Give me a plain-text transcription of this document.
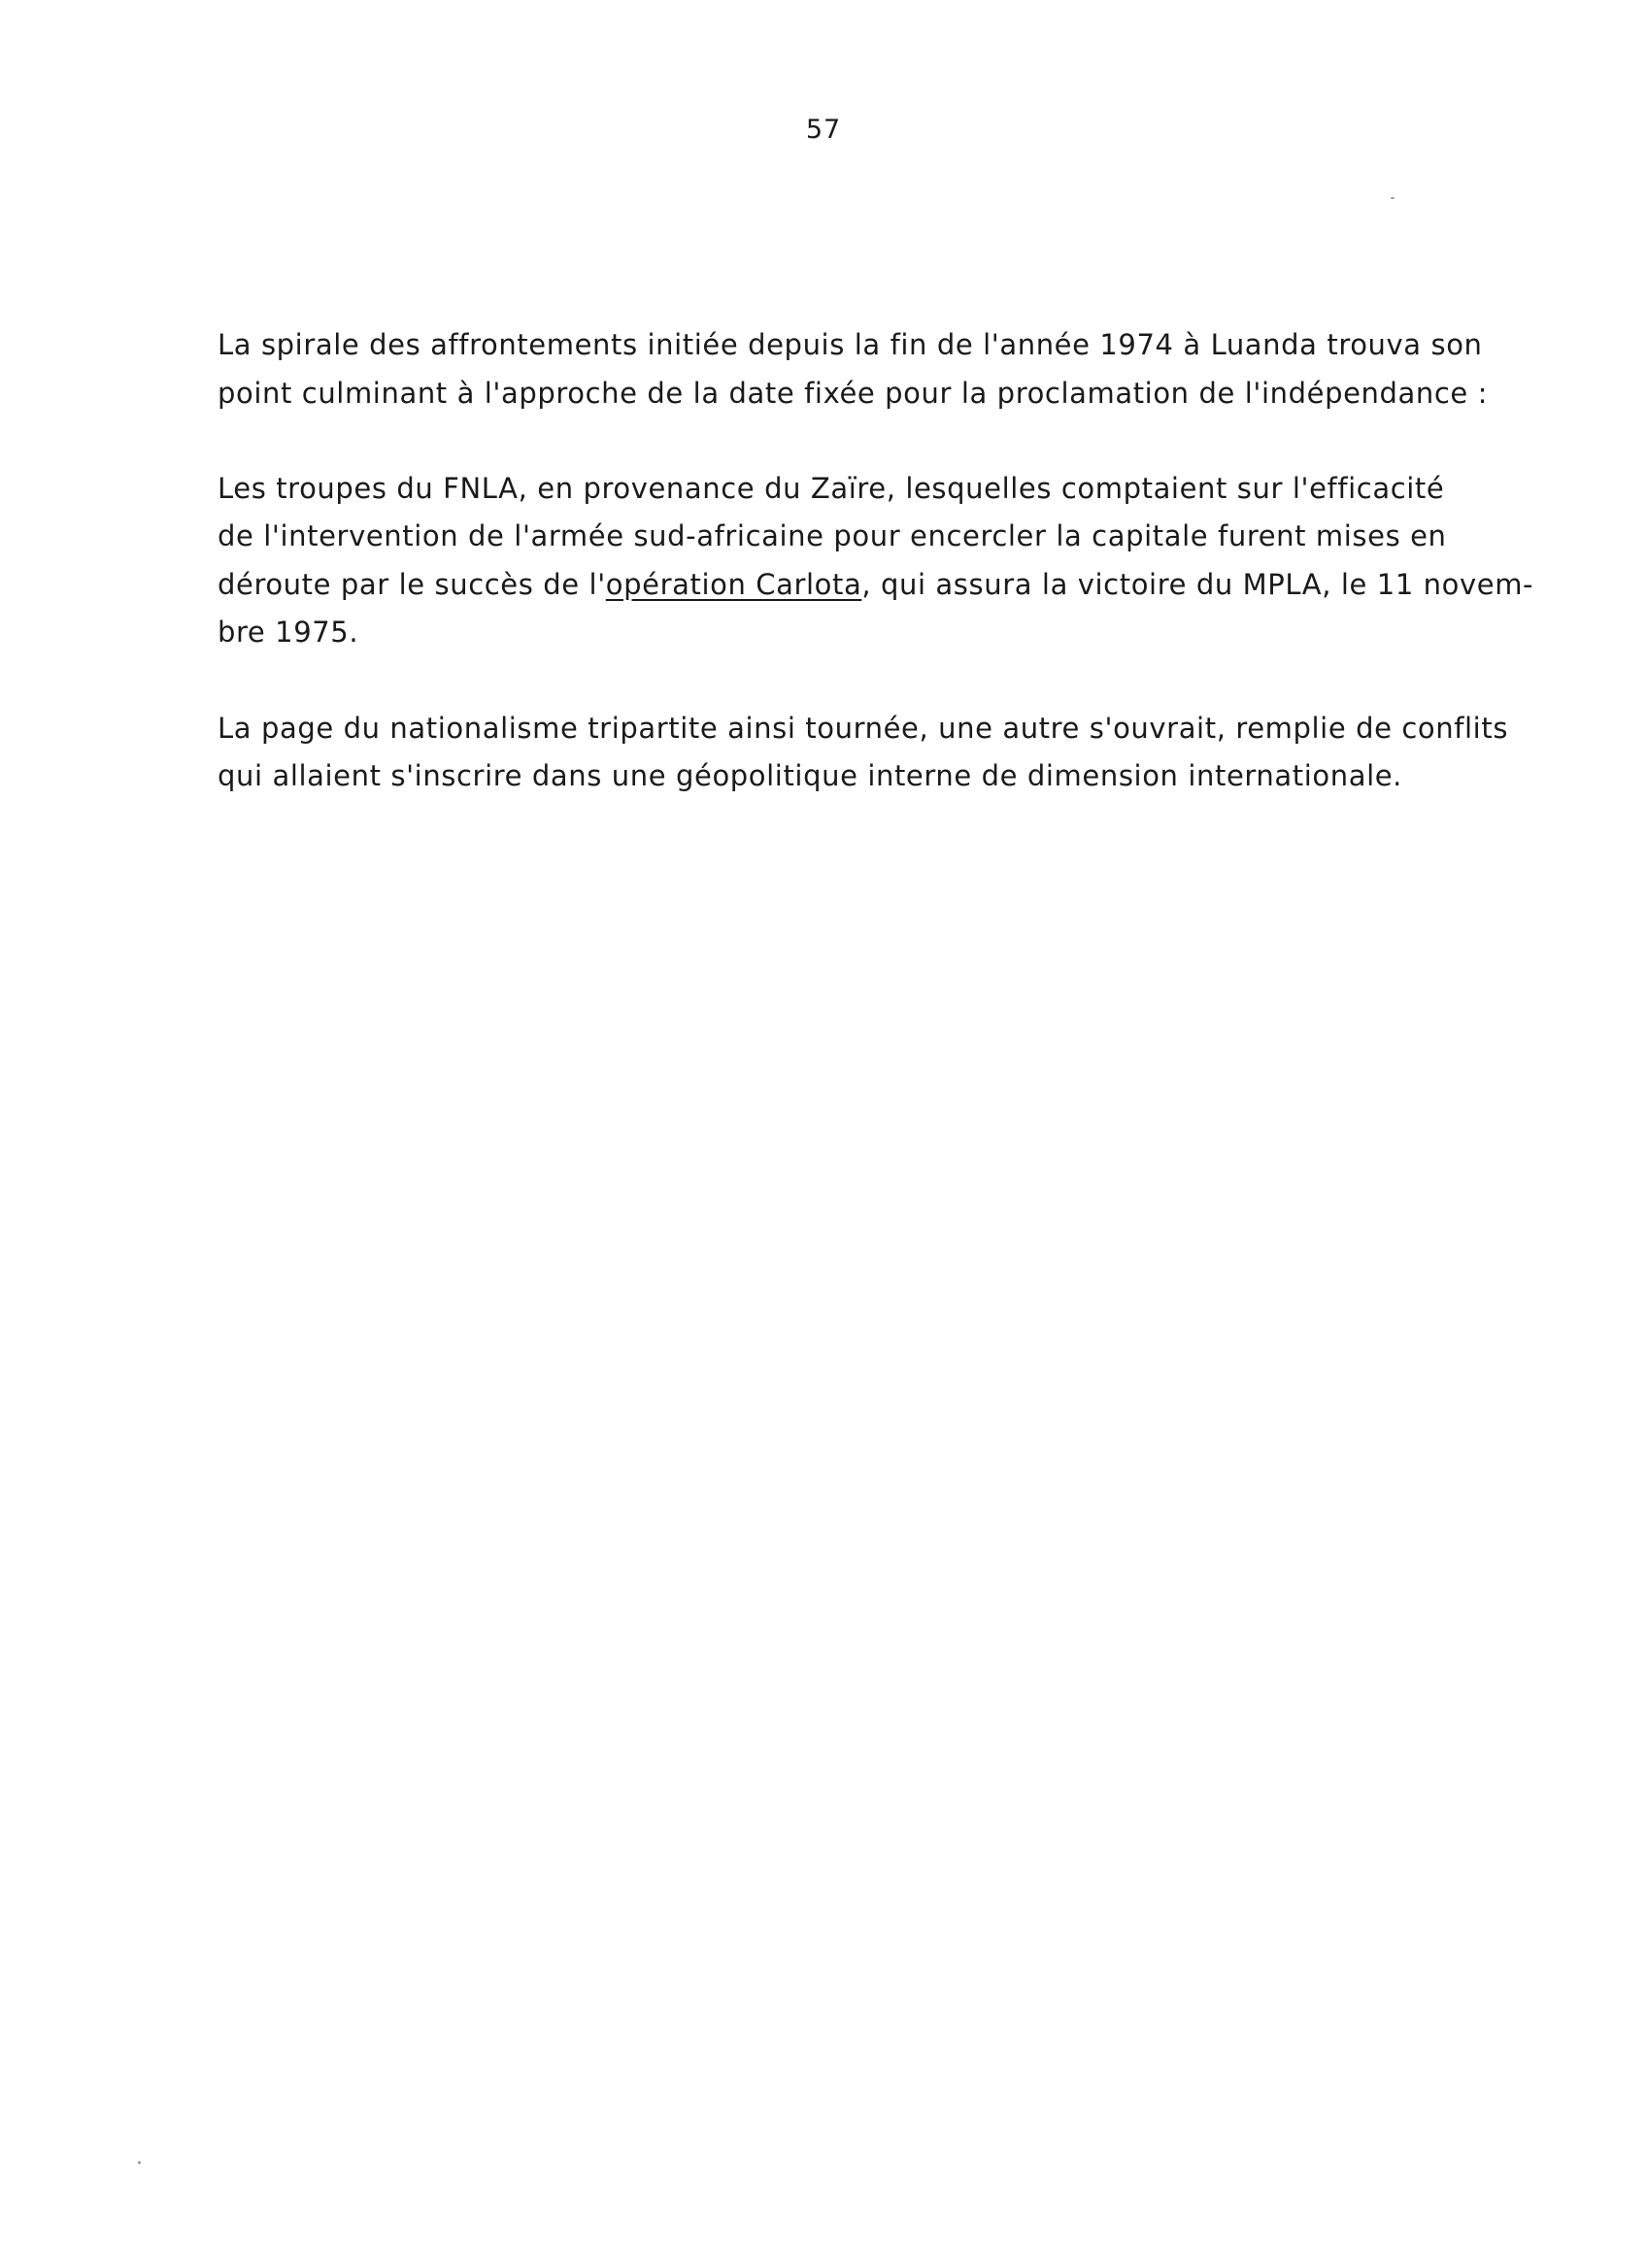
57
La spirale des affrontements initiée depuis la fin de l'année 1974 à Luanda trouva son
point culminant à l'approche de la date fixée pour la proclamation de l'indépendance :
Les troupes du FNLA, en provenance du Zaïre, lesquelles comptaient sur l'efficacité
de l'intervention de l'armée sud-africaine pour encercler la capitale furent mises en
déroute par le succès de l'opération Carlota, qui assura la victoire du MPLA, le 11 novem-
bre 1975.
La page du nationalisme tripartite ainsi tournée, une autre s'ouvrait, remplie de conflits
qui allaient s'inscrire dans une géopolitique interne de dimension internationale.
